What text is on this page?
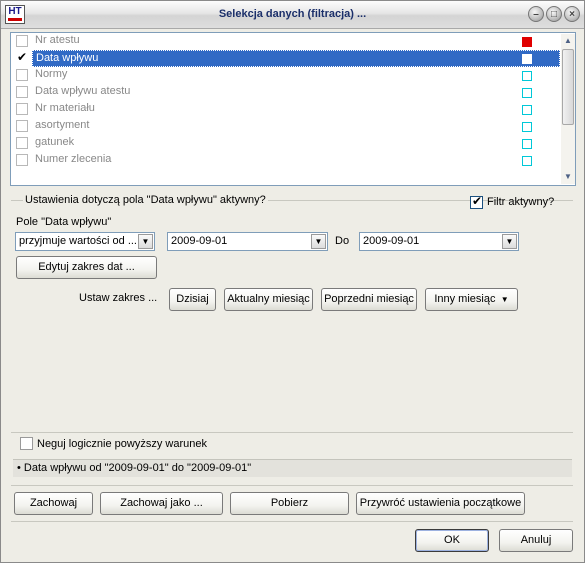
HT	Selekcja danych (filtracja) ...	–	□	×
Nr atestu
✔ Data wpływu
Normy
Data wpływu atestu
Nr materiału
asortyment
gatunek
Numer zlecenia
▲
▼
Ustawienia dotyczą pola "Data wpływu" aktywny?	✔ Filtr aktywny?
Pole "Data wpływu"
przyjmuje wartości od ... ▼	2009-09-01	▼	Do 2009-09-01	▼
Edytuj zakres dat ...
Ustaw zakres ...	Dzisiaj	Aktualny miesiąc Poprzedni miesiąc	Inny miesiąc  ▼
Neguj logicznie powyższy warunek
• Data wpływu od "2009-09-01" do "2009-09-01"
Zachowaj	Zachowaj jako ...	Pobierz	Przywróć ustawienia początkowe
OK	Anuluj
